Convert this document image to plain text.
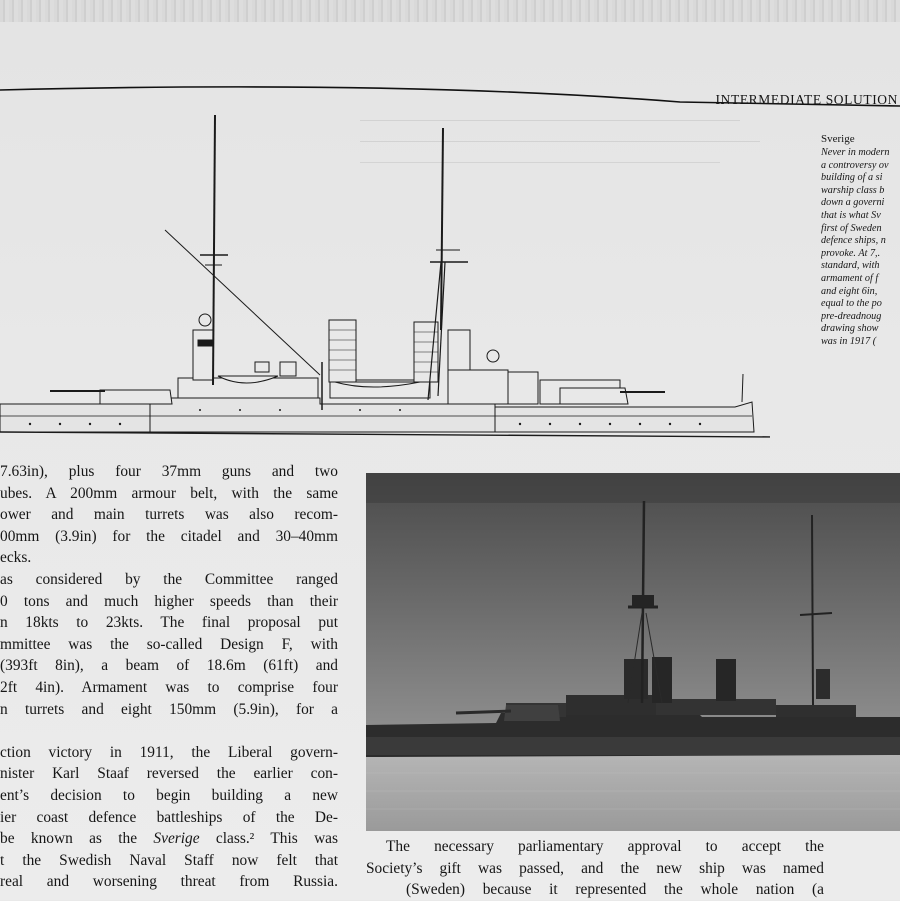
INTERMEDIATE SOLUTION
Sverige
Never in modern
a controversy ov
building of a si
warship class b
down a governi
that is what Sv
first of Sweden
defence ships, n
provoke. At 7,.
standard, with
armament of f
and eight 6in,
equal to the po
pre-dreadnoug
drawing show
was in 1917 (
7.63in), plus four 37mm guns and two
ubes. A 200mm armour belt, with the same
ower and main turrets was also recom-
00mm (3.9in) for the citadel and 30–40mm
ecks.
as considered by the Committee ranged
0 tons and much higher speeds than their
n 18kts to 23kts. The final proposal put
mmittee was the so-called Design F, with
(393ft 8in), a beam of 18.6m (61ft) and
2ft 4in). Armament was to comprise four
n turrets and eight 150mm (5.9in), for a
ction victory in 1911, the Liberal govern-
nister Karl Staaf reversed the earlier con-
ent’s decision to begin building a new
ier coast defence battleships of the De-
be known as the Sverige class.² This was
t the Swedish Naval Staff now felt that
real and worsening threat from Russia.
The necessary parliamentary approval to accept the
Society’s gift was passed, and the new ship was named
(Sweden) because it represented the whole nation (a
